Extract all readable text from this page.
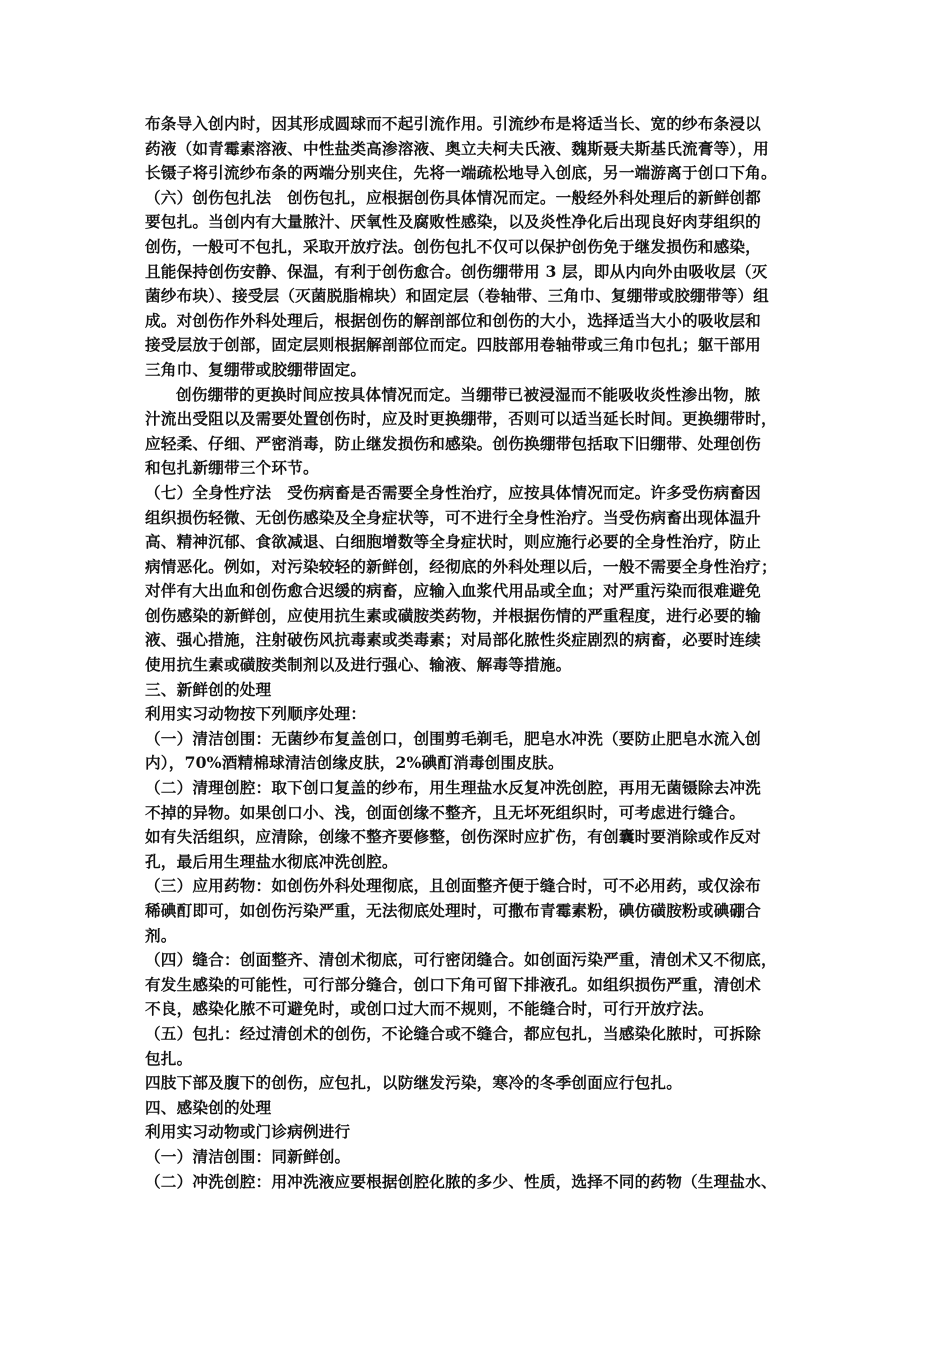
布条导入创内时，因其形成圆球而不起引流作用。引流纱布是将适当长、宽的纱布条浸以
药液（如青霉素溶液、中性盐类高渗溶液、奥立夫柯夫氏液、魏斯聂夫斯基氏流膏等），用
长镊子将引流纱布条的两端分别夹住，先将一端疏松地导入创底，另一端游离于创口下角。
（六）创伤包扎法　创伤包扎，应根据创伤具体情况而定。一般经外科处理后的新鲜创都
要包扎。当创内有大量脓汁、厌氧性及腐败性感染，以及炎性净化后出现良好肉芽组织的
创伤，一般可不包扎，采取开放疗法。创伤包扎不仅可以保护创伤免于继发损伤和感染，
且能保持创伤安静、保温，有利于创伤愈合。创伤绷带用 3 层，即从内向外由吸收层（灭
菌纱布块）、接受层（灭菌脱脂棉块）和固定层（卷轴带、三角巾、复绷带或胶绷带等）组
成。对创伤作外科处理后，根据创伤的解剖部位和创伤的大小，选择适当大小的吸收层和
接受层放于创部，固定层则根据解剖部位而定。四肢部用卷轴带或三角巾包扎；躯干部用
三角巾、复绷带或胶绷带固定。
创伤绷带的更换时间应按具体情况而定。当绷带已被浸湿而不能吸收炎性渗出物，脓
汁流出受阻以及需要处置创伤时，应及时更换绷带，否则可以适当延长时间。更换绷带时，
应轻柔、仔细、严密消毒，防止继发损伤和感染。创伤换绷带包括取下旧绷带、处理创伤
和包扎新绷带三个环节。
（七）全身性疗法　受伤病畜是否需要全身性治疗，应按具体情况而定。许多受伤病畜因
组织损伤轻微、无创伤感染及全身症状等，可不进行全身性治疗。当受伤病畜出现体温升
高、精神沉郁、食欲减退、白细胞增数等全身症状时，则应施行必要的全身性治疗，防止
病情恶化。例如，对污染较轻的新鲜创，经彻底的外科处理以后，一般不需要全身性治疗；
对伴有大出血和创伤愈合迟缓的病畜，应输入血浆代用品或全血；对严重污染而很难避免
创伤感染的新鲜创，应使用抗生素或磺胺类药物，并根据伤情的严重程度，进行必要的输
液、强心措施，注射破伤风抗毒素或类毒素；对局部化脓性炎症剧烈的病畜，必要时连续
使用抗生素或磺胺类制剂以及进行强心、输液、解毒等措施。
三、新鲜创的处理
利用实习动物按下列顺序处理：
（一）清洁创围：无菌纱布复盖创口，创围剪毛剃毛，肥皂水冲洗（要防止肥皂水流入创
内），70%酒精棉球清洁创缘皮肤，2%碘酊消毒创围皮肤。
（二）清理创腔：取下创口复盖的纱布，用生理盐水反复冲洗创腔，再用无菌镊除去冲洗
不掉的异物。如果创口小、浅，创面创缘不整齐，且无坏死组织时，可考虑进行缝合。
如有失活组织，应清除，创缘不整齐要修整，创伤深时应扩伤，有创囊时要消除或作反对
孔，最后用生理盐水彻底冲洗创腔。
（三）应用药物：如创伤外科处理彻底，且创面整齐便于缝合时，可不必用药，或仅涂布
稀碘酊即可，如创伤污染严重，无法彻底处理时，可撒布青霉素粉，碘仿磺胺粉或碘硼合
剂。
（四）缝合：创面整齐、清创术彻底，可行密闭缝合。如创面污染严重，清创术又不彻底，
有发生感染的可能性，可行部分缝合，创口下角可留下排液孔。如组织损伤严重，清创术
不良，感染化脓不可避免时，或创口过大而不规则，不能缝合时，可行开放疗法。
（五）包扎：经过清创术的创伤，不论缝合或不缝合，都应包扎，当感染化脓时，可拆除
包扎。
四肢下部及腹下的创伤，应包扎，以防继发污染，寒冷的冬季创面应行包扎。
四、感染创的处理
利用实习动物或门诊病例进行
（一）清洁创围：同新鲜创。
（二）冲洗创腔：用冲洗液应要根据创腔化脓的多少、性质，选择不同的药物（生理盐水、
